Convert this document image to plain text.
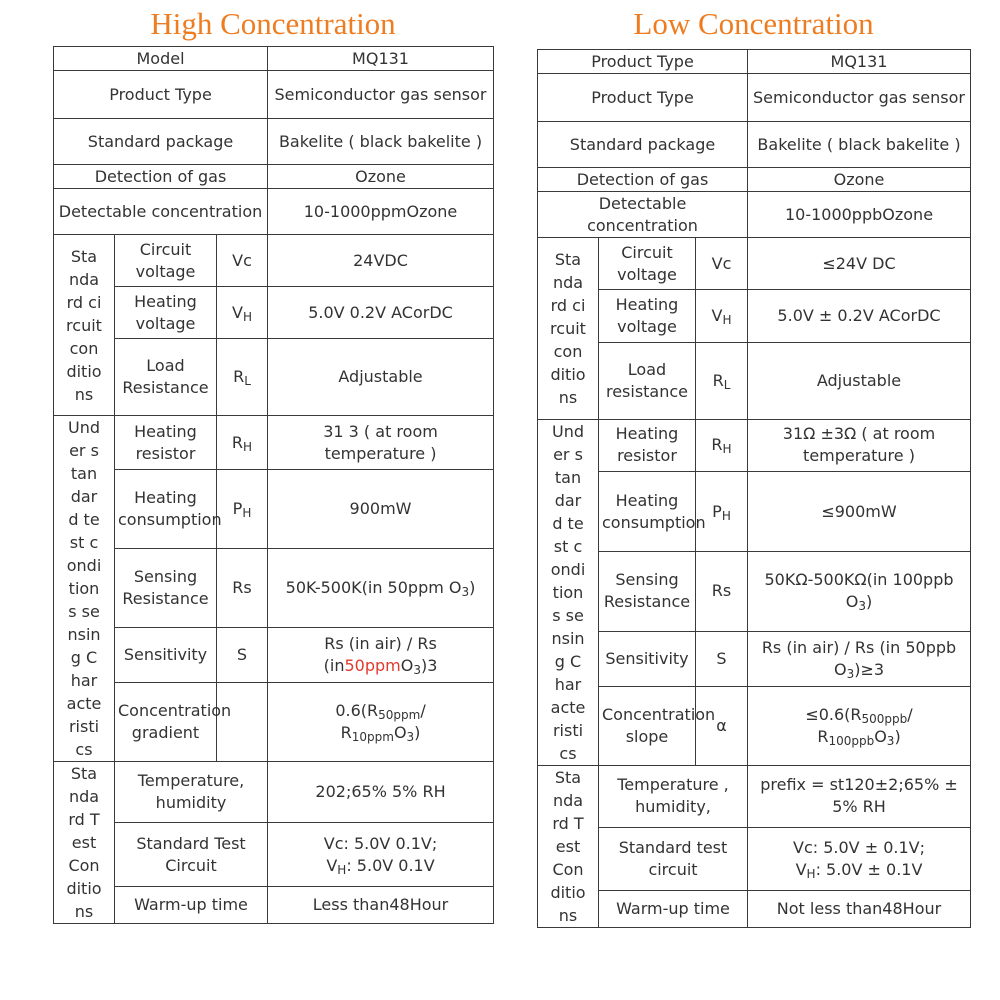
High Concentration	Low Concentration
Model			MQ131
Product Type			Semiconductor gas sensor
Standard package			Bakelite ( black bakelite )
Detection of gas			Ozone
Detectable concentration			10-1000ppmOzone

Standard circuit conditions	Circuit voltage	Vc	24VDC
	Heating voltage	$V_H$	5.0V 0.2V ACorDC
	Load Resistance	$R_L$	Adjustable

Under standard test conditions sensing Characteristics	Heating resistor	$R_H$	31 3 ( at room temperature )
	Heating consumption	$P_H$	900mW
	Sensing Resistance	Rs	50K-500K(in 50ppm $O_3$)
	Sensitivity	S	Rs (in air) / Rs (in50ppmO$_3$)3
	Concentration gradient		$0.6(R_{50ppm}/$
$R_{10ppm}O_3$)

Standard Test Conditions	Temperature, humidity		202;65% 5% RH
	Standard Test Circuit		Vc: 5.0V 0.1V;
$V_H$: 5.0V 0.1V
	Warm-up time		Less than48Hour
Product Type			MQ131
Product Type			Semiconductor gas sensor
Standard package			Bakelite ( black bakelite )
Detection of gas			Ozone
Detectable concentration			10-1000ppbOzone

Standard circuit conditions	Circuit voltage	Vc	≤24V DC
	Heating voltage	$V_H$	5.0V ± 0.2V ACorDC
	Load resistance	$R_L$	Adjustable

Under standard test conditions sensing Characteristics	Heating resistor	$R_H$	31Ω ±3Ω ( at room temperature )
	Heating consumption	$P_H$	≤900mW
	Sensing Resistance	Rs	50KΩ-500KΩ(in 100ppb $O_3$)
	Sensitivity	S	Rs (in air) / Rs (in 50ppb $O_3)\ge 3$
	Concentration slope	α	$\le 0.6(R_{500ppb}/$
$R_{100ppb}O_3$)

Standard Test Conditions	Temperature , humidity,		prefix = st120±2;65% ± 5% RH
	Standard test circuit		Vc: 5.0V ± 0.1V;
$V_H$: 5.0V ± 0.1V
	Warm-up time		Not less than48Hour
